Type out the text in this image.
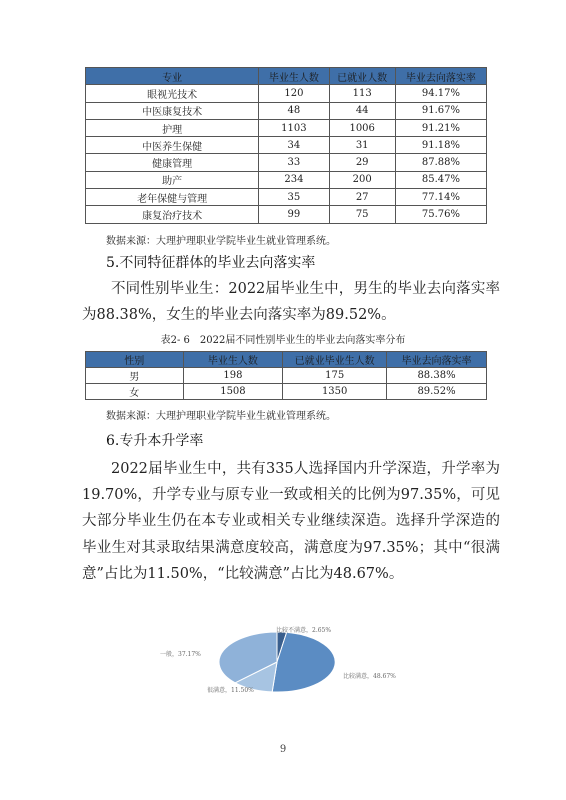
专业	毕业生人数	已就业人数	毕业去向落实率
眼视光技术	120	113	94.17%
中医康复技术	48	44	91.67%
护理	1103	1006	91.21%
中医养生保健	34	31	91.18%
健康管理	33	29	87.88%
助产	234	200	85.47%
老年保健与管理	35	27	77.14%
康复治疗技术	99	75	75.76%
数据来源：大理护理职业学院毕业生就业管理系统。
5.不同特征群体的毕业去向落实率

不同性别毕业生：2022届毕业生中，男生的毕业去向落实率为88.38%，女生的毕业去向落实率为89.52%。

表2- 6　2022届不同性别毕业生的毕业去向落实率分布
性别	毕业生人数	已就业毕业生人数	毕业去向落实率
男	198	175	88.38%
女	1508	1350	89.52%
数据来源：大理护理职业学院毕业生就业管理系统。
6.专升本升学率

2022届毕业生中，共有335人选择国内升学深造，升学率为19.70%，升学专业与原专业一致或相关的比例为97.35%，可见大部分毕业生仍在本专业或相关专业继续深造。选择升学深造的毕业生对其录取结果满意度较高，满意度为97.35%；其中“很满意”占比为11.50%，“比较满意”占比为48.67%。

比较不满意，2.65%
比较满意，48.67%
很满意，11.50%
一般，37.17%
9
